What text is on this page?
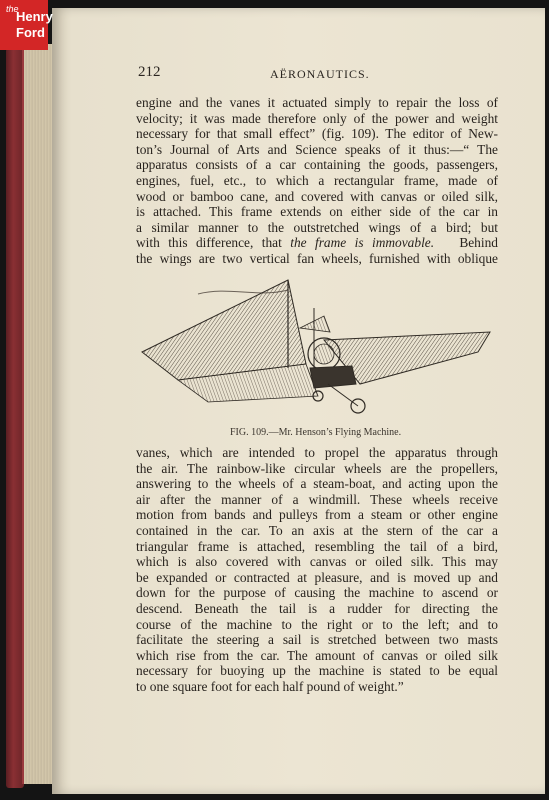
the
Henry
Ford
212	AËRONAUTICS.
engine and the vanes it actuated simply to repair the loss of
velocity; it was made therefore only of the power and weight
necessary for that small effect” (fig. 109). The editor of New-
ton’s Journal of Arts and Science speaks of it thus:—“ The
apparatus consists of a car containing the goods, passengers,
engines, fuel, etc., to which a rectangular frame, made of
wood or bamboo cane, and covered with canvas or oiled silk,
is attached. This frame extends on either side of the car in
a similar manner to the outstretched wings of a bird; but
with this difference, that the frame is immovable. Behind
the wings are two vertical fan wheels, furnished with oblique
FIG. 109.—Mr. Henson’s Flying Machine.
vanes, which are intended to propel the apparatus through
the air. The rainbow-like circular wheels are the propellers,
answering to the wheels of a steam-boat, and acting upon the
air after the manner of a windmill. These wheels receive
motion from bands and pulleys from a steam or other engine
contained in the car. To an axis at the stern of the car a
triangular frame is attached, resembling the tail of a bird,
which is also covered with canvas or oiled silk. This may
be expanded or contracted at pleasure, and is moved up and
down for the purpose of causing the machine to ascend or
descend. Beneath the tail is a rudder for directing the
course of the machine to the right or to the left; and to
facilitate the steering a sail is stretched between two masts
which rise from the car. The amount of canvas or oiled silk
necessary for buoying up the machine is stated to be equal
to one square foot for each half pound of weight.”
